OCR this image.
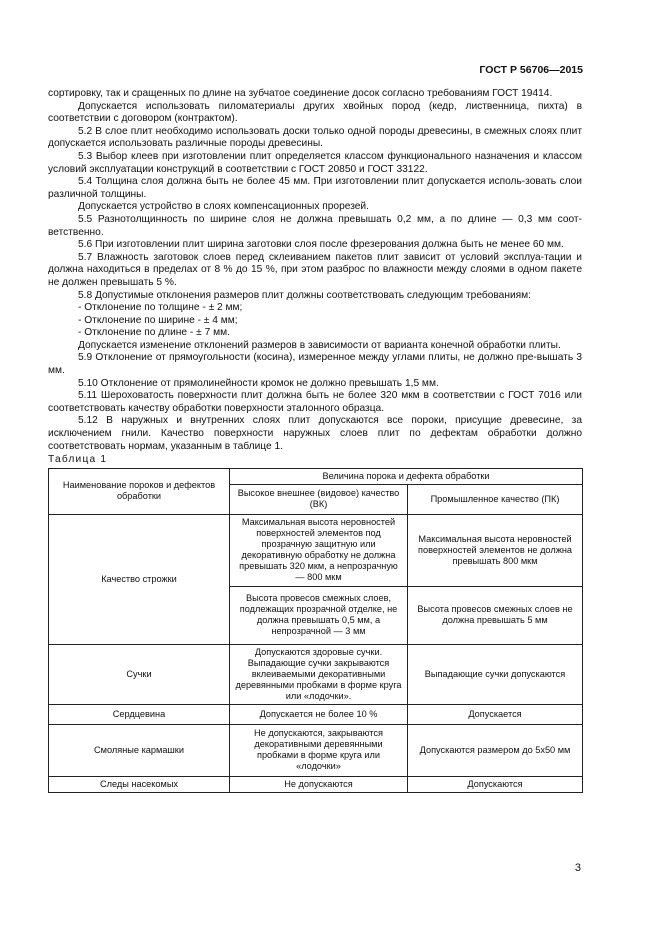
ГОСТ Р 56706—2015

сортировку, так и сращенных по длине на зубчатое соединение досок согласно требованиям ГОСТ 19414.

Допускается использовать пиломатериалы других хвойных пород (кедр, лиственница, пихта) в соответствии с договором (контрактом).

5.2 В слое плит необходимо использовать доски только одной породы древесины, в смежных слоях плит допускается использовать различные породы древесины.

5.3 Выбор клеев при изготовлении плит определяется классом функционального назначения и классом условий эксплуатации конструкций в соответствии с ГОСТ 20850 и ГОСТ 33122.

5.4 Толщина слоя должна быть не более 45 мм. При изготовлении плит допускается исполь-зовать слои различной толщины.

Допускается устройство в слоях компенсационных прорезей.

5.5 Разнотолщинность по ширине слоя не должна превышать 0,2 мм, а по длине — 0,3 мм соот-ветственно.

5.6 При изготовлении плит ширина заготовки слоя после фрезерования должна быть не менее 60 мм.

5.7 Влажность заготовок слоев перед склеиванием пакетов плит зависит от условий эксплуа-тации и должна находиться в пределах от 8 % до 15 %, при этом разброс по влажности между слоями в одном пакете не должен превышать 5 %.

5.8 Допустимые отклонения размеров плит должны соответствовать следующим требованиям:

- Отклонение по толщине - ± 2 мм;

- Отклонение по ширине - ± 4 мм;

- Отклонение по длине - ± 7 мм.

Допускается изменение отклонений размеров в зависимости от варианта конечной обработки плиты.

5.9 Отклонение от прямоугольности (косина), измеренное между углами плиты, не должно пре-вышать 3 мм.

5.10 Отклонение от прямолинейности кромок не должно превышать 1,5 мм.

5.11 Шероховатость поверхности плит должна быть не более 320 мкм в соответствии с ГОСТ 7016 или соответствовать качеству обработки поверхности эталонного образца.

5.12 В наружных и внутренних слоях плит допускаются все пороки, присущие древесине, за исключением гнили. Качество поверхности наружных слоев плит по дефектам обработки должно соответствовать нормам, указанным в таблице 1.

Таблица 1
Наименование пороков и дефектов обработки	Величина порока и дефекта обработки	
	Высокое внешнее (видовое) качество (ВК)	Промышленное качество (ПК)
Качество строжки	Максимальная высота неровностей поверхностей элементов под прозрачную защитную или декоративную обработку не должна превышать 320 мкм, а непрозрачную — 800 мкм	Максимальная высота неровностей поверхностей элементов не должна превышать 800 мкм
	Высота провесов смежных слоев, подлежащих прозрачной отделке, не должна превышать 0,5 мм, а непрозрачной — 3 мм	Высота провесов смежных слоев не должна превышать 5 мм
Сучки	Допускаются здоровые сучки. Выпадающие сучки закрываются вклеиваемыми декоративными деревянными пробками в форме круга или «лодочки».	Выпадающие сучки допускаются
Сердцевина	Допускается не более 10 %	Допускается
Смоляные кармашки	Не допускаются, закрываются декоративными деревянными пробками в форме круга или «лодочки»	Допускаются размером до 5х50 мм
Следы насекомых	Не допускаются	Допускаются
3
